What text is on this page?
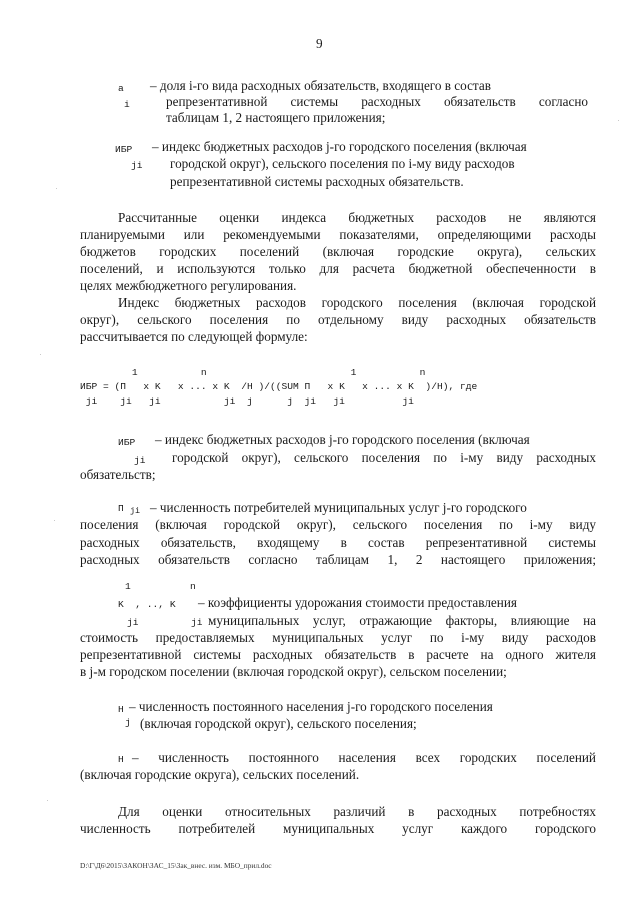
9
a
i
– доля i-го вида расходных обязательств, входящего в состав
репрезентативной системы расходных обязательств согласно
таблицам 1, 2 настоящего приложения;
ИБР
ji
– индекс бюджетных расходов j-го городского поселения (включая
городской округ), сельского поселения по i-му виду расходов
репрезентативной системы расходных обязательств.
Рассчитанные оценки индекса бюджетных расходов не являются
планируемыми или рекомендуемыми показателями, определяющими расходы
бюджетов городских поселений (включая городские округа), сельских
поселений, и используются только для расчета бюджетной обеспеченности в
целях межбюджетного регулирования.
Индекс бюджетных расходов городского поселения (включая городской
округ), сельского поселения по отдельному виду расходных обязательств
рассчитывается по следующей формуле:
1           n                         1           n
ИБР = (П   x K   x ... x K  /Н )/((SUM П   x K   x ... x K  )/Н), где
ji    ji   ji           ji  j      j  ji   ji          ji
ИБР
ji
– индекс бюджетных расходов j-го городского поселения (включая
городской округ), сельского поселения по i-му виду расходных
обязательств;
П ji – численность потребителей муниципальных услуг j-го городского
поселения (включая городской округ), сельского поселения по i-му виду
расходных обязательств, входящему в состав репрезентативной системы
расходных обязательств согласно таблицам 1, 2 настоящего приложения;
1	n
K  , .., K
ji	ji
– коэффициенты удорожания стоимости предоставления
муниципальных услуг, отражающие факторы, влияющие на
стоимость предоставляемых муниципальных услуг по i-му виду расходов
репрезентативной системы расходных обязательств в расчете на одного жителя
в j-м городском поселении (включая городской округ), сельском поселении;
Н
j
– численность постоянного населения j-го городского поселения
(включая городской округ), сельского поселения;
Н – численность постоянного населения всех городских поселений
(включая городские округа), сельских поселений.
Для оценки относительных различий в расходных потребностях
численность потребителей муниципальных услуг каждого городского
D:\Г\Д6\2015\ЗАКОН\ЗАС_15\Зак_внес. изм. МБО_прил.doc
